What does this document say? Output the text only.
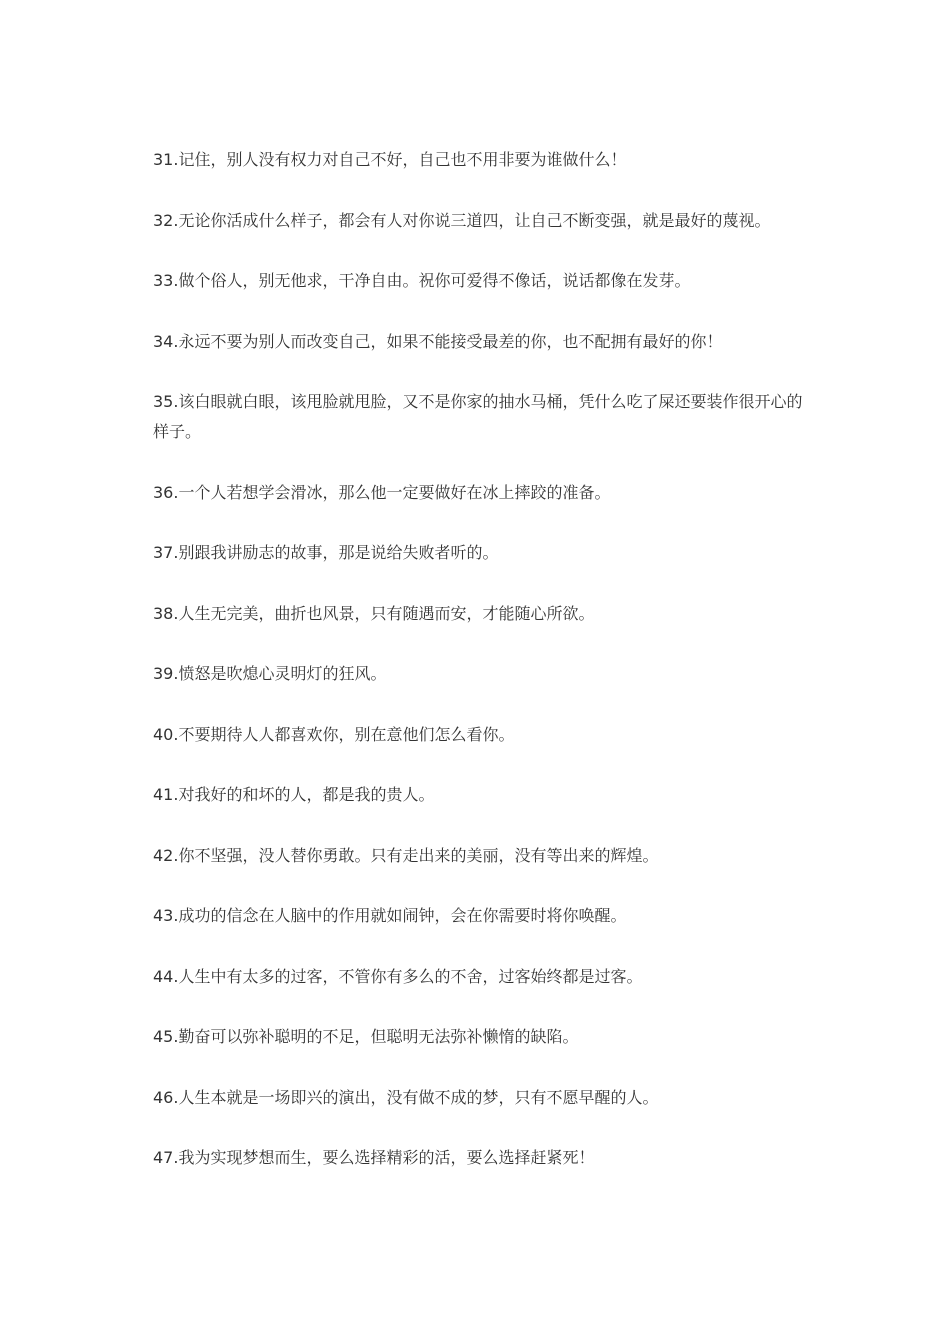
31.记住，别人没有权力对自己不好，自己也不用非要为谁做什么！
32.无论你活成什么样子，都会有人对你说三道四，让自己不断变强，就是最好的蔑视。
33.做个俗人，别无他求，干净自由。祝你可爱得不像话，说话都像在发芽。
34.永远不要为别人而改变自己，如果不能接受最差的你，也不配拥有最好的你！
35.该白眼就白眼，该甩脸就甩脸，又不是你家的抽水马桶，凭什么吃了屎还要装作很开心的样子。
36.一个人若想学会滑冰，那么他一定要做好在冰上摔跤的准备。
37.别跟我讲励志的故事，那是说给失败者听的。
38.人生无完美，曲折也风景，只有随遇而安，才能随心所欲。
39.愤怒是吹熄心灵明灯的狂风。
40.不要期待人人都喜欢你，别在意他们怎么看你。
41.对我好的和坏的人，都是我的贵人。
42.你不坚强，没人替你勇敢。只有走出来的美丽，没有等出来的辉煌。
43.成功的信念在人脑中的作用就如闹钟，会在你需要时将你唤醒。
44.人生中有太多的过客，不管你有多么的不舍，过客始终都是过客。
45.勤奋可以弥补聪明的不足，但聪明无法弥补懒惰的缺陷。
46.人生本就是一场即兴的演出，没有做不成的梦，只有不愿早醒的人。
47.我为实现梦想而生，要么选择精彩的活，要么选择赶紧死！
